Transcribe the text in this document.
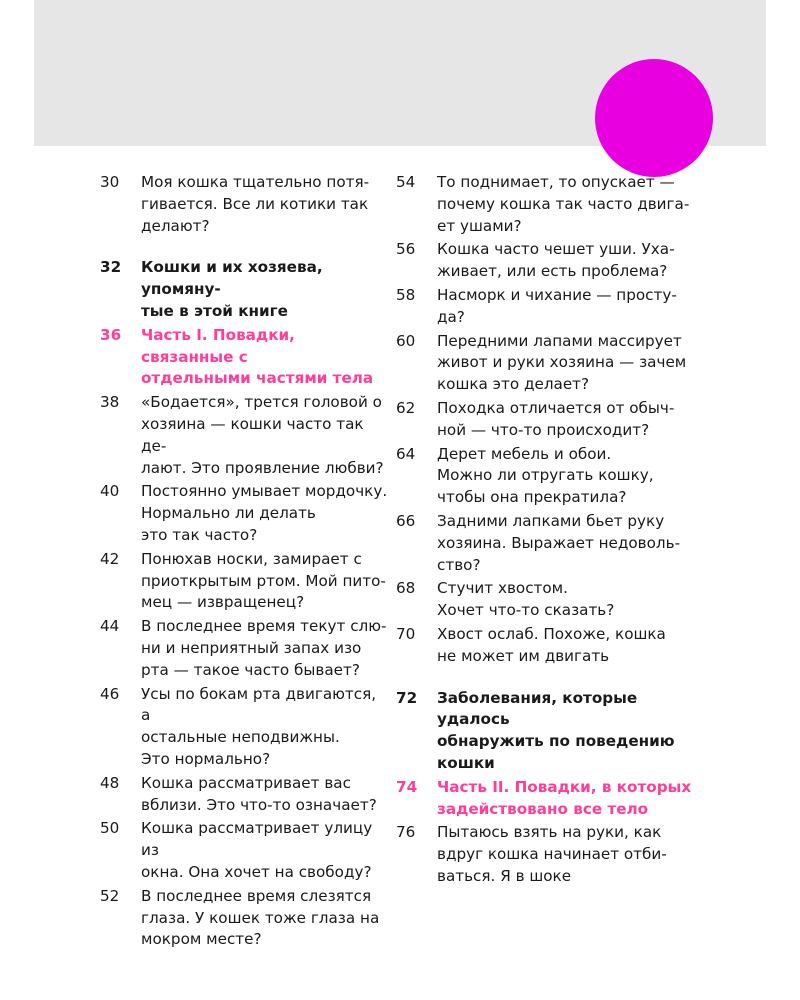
30	Моя кошка тщательно потя-
гивается. Все ли котики так
делают?
32	Кошки и их хозяева, упомяну-
тые в этой книге
36	Часть I. Повадки, связанные с
отдельными частями тела
38	«Бодается», трется головой о
хозяина — кошки часто так де-
лают. Это проявление любви?
40	Постоянно умывает мордочку.
Нормально ли делать
это так часто?
42	Понюхав носки, замирает с
приоткрытым ртом. Мой пито-
мец — извращенец?
44	В последнее время текут слю-
ни и неприятный запах изо
рта — такое часто бывает?
46	Усы по бокам рта двигаются, а
остальные неподвижны.
Это нормально?
48	Кошка рассматривает вас
вблизи. Это что-то означает?
50	Кошка рассматривает улицу из
окна. Она хочет на свободу?
52	В последнее время слезятся
глаза. У кошек тоже глаза на
мокром месте?
54	То поднимает, то опускает —
почему кошка так часто двига-
ет ушами?
56	Кошка часто чешет уши. Уха-
живает, или есть проблема?
58	Насморк и чихание — просту-
да?
60	Передними лапами массирует
живот и руки хозяина — зачем
кошка это делает?
62	Походка отличается от обыч-
ной — что-то происходит?
64	Дерет мебель и обои.
Можно ли отругать кошку,
чтобы она прекратила?
66	Задними лапками бьет руку
хозяина. Выражает недоволь-
ство?
68	Стучит хвостом.
Хочет что-то сказать?
70	Хвост ослаб. Похоже, кошка
не может им двигать
72	Заболевания, которые удалось
обнаружить по поведению
кошки
74	Часть II. Повадки, в которых
задействовано все тело
76	Пытаюсь взять на руки, как
вдруг кошка начинает отби-
ваться. Я в шоке
